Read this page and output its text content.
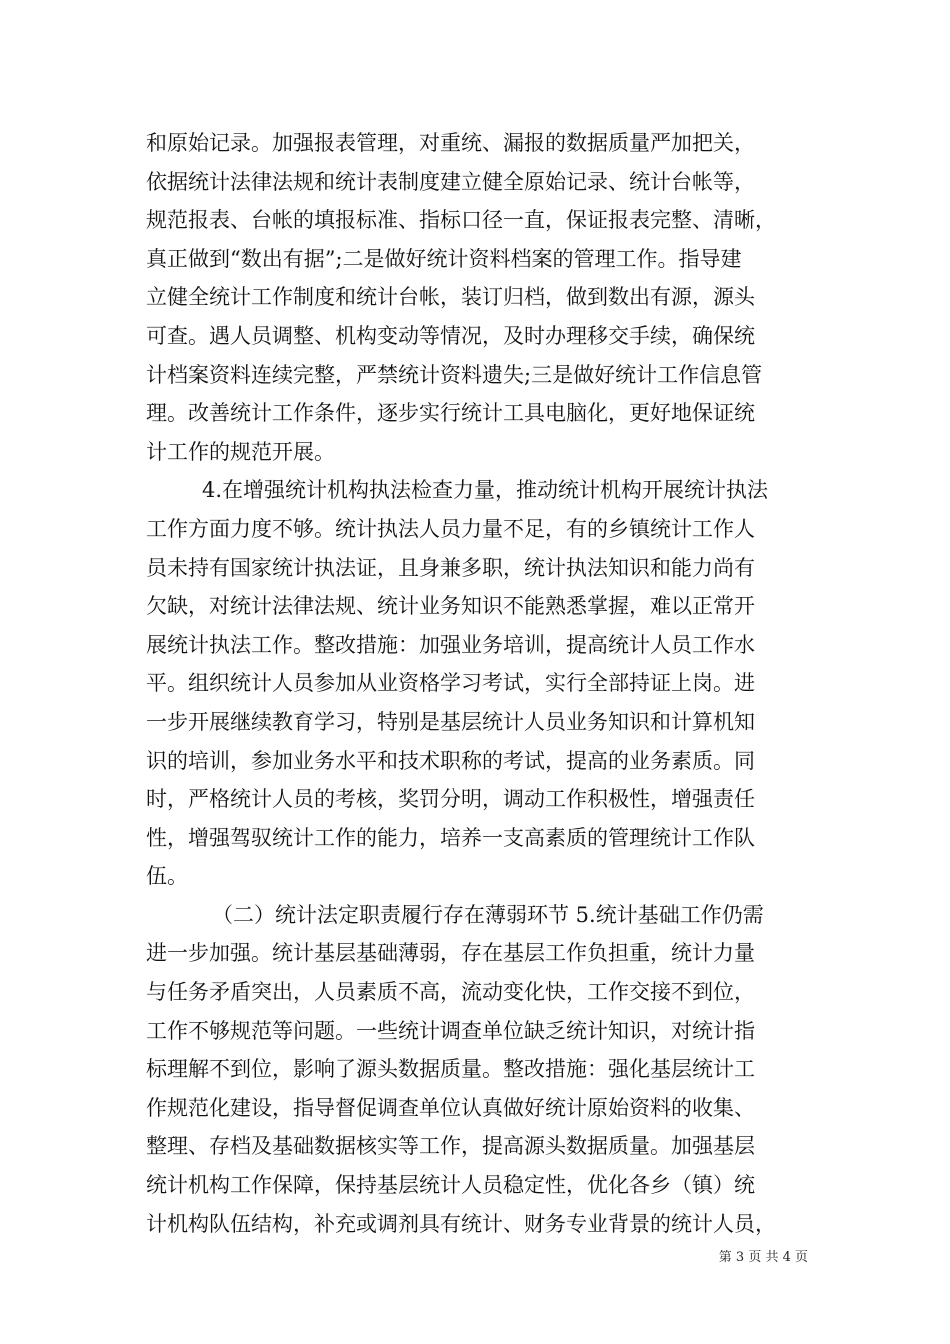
和原始记录。加强报表管理，对重统、漏报的数据质量严加把关，
依据统计法律法规和统计表制度建立健全原始记录、统计台帐等，
规范报表、台帐的填报标准、指标口径一直，保证报表完整、清晰，
真正做到“数出有据”;二是做好统计资料档案的管理工作。指导建
立健全统计工作制度和统计台帐，装订归档，做到数出有源，源头
可查。遇人员调整、机构变动等情况，及时办理移交手续，确保统
计档案资料连续完整，严禁统计资料遗失;三是做好统计工作信息管
理。改善统计工作条件，逐步实行统计工具电脑化，更好地保证统
计工作的规范开展。
4.在增强统计机构执法检查力量，推动统计机构开展统计执法
工作方面力度不够。统计执法人员力量不足，有的乡镇统计工作人
员未持有国家统计执法证，且身兼多职，统计执法知识和能力尚有
欠缺，对统计法律法规、统计业务知识不能熟悉掌握，难以正常开
展统计执法工作。整改措施：加强业务培训，提高统计人员工作水
平。组织统计人员参加从业资格学习考试，实行全部持证上岗。进
一步开展继续教育学习，特别是基层统计人员业务知识和计算机知
识的培训，参加业务水平和技术职称的考试，提高的业务素质。同
时，严格统计人员的考核，奖罚分明，调动工作积极性，增强责任
性，增强驾驭统计工作的能力，培养一支高素质的管理统计工作队
伍。
（二）统计法定职责履行存在薄弱环节 5.统计基础工作仍需
进一步加强。统计基层基础薄弱，存在基层工作负担重，统计力量
与任务矛盾突出，人员素质不高，流动变化快，工作交接不到位，
工作不够规范等问题。一些统计调查单位缺乏统计知识，对统计指
标理解不到位，影响了源头数据质量。整改措施：强化基层统计工
作规范化建设，指导督促调查单位认真做好统计原始资料的收集、
整理、存档及基础数据核实等工作，提高源头数据质量。加强基层
统计机构工作保障，保持基层统计人员稳定性，优化各乡（镇）统
计机构队伍结构，补充或调剂具有统计、财务专业背景的统计人员，
第 3 页 共 4 页
